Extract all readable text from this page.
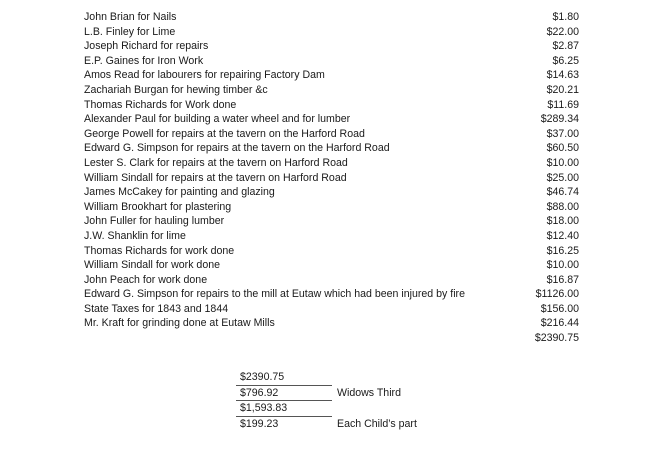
John Brian for Nails	$1.80
L.B. Finley for Lime	$22.00
Joseph Richard for repairs	$2.87
E.P. Gaines for Iron Work	$6.25
Amos Read for labourers for repairing Factory Dam	$14.63
Zachariah Burgan for hewing timber &c	$20.21
Thomas Richards for Work done	$11.69
Alexander Paul for building a water wheel and for lumber	$289.34
George Powell for repairs at the tavern on the Harford Road	$37.00
Edward G. Simpson for repairs at the tavern on the Harford Road	$60.50
Lester S. Clark for repairs at the tavern on Harford Road	$10.00
William Sindall for repairs at the tavern on Harford Road	$25.00
James McCakey for painting and glazing	$46.74
William Brookhart for plastering	$88.00
John Fuller for hauling lumber	$18.00
J.W. Shanklin for lime	$12.40
Thomas Richards for work done	$16.25
William Sindall for work done	$10.00
John Peach for work done	$16.87
Edward G. Simpson for repairs to the mill at Eutaw which had been injured by fire	$1126.00
State Taxes for 1843 and 1844	$156.00
Mr. Kraft for grinding done at Eutaw Mills	$216.44
$2390.75
$2390.75
$796.92	Widows Third
$1,593.83
$199.23	Each Child’s part
